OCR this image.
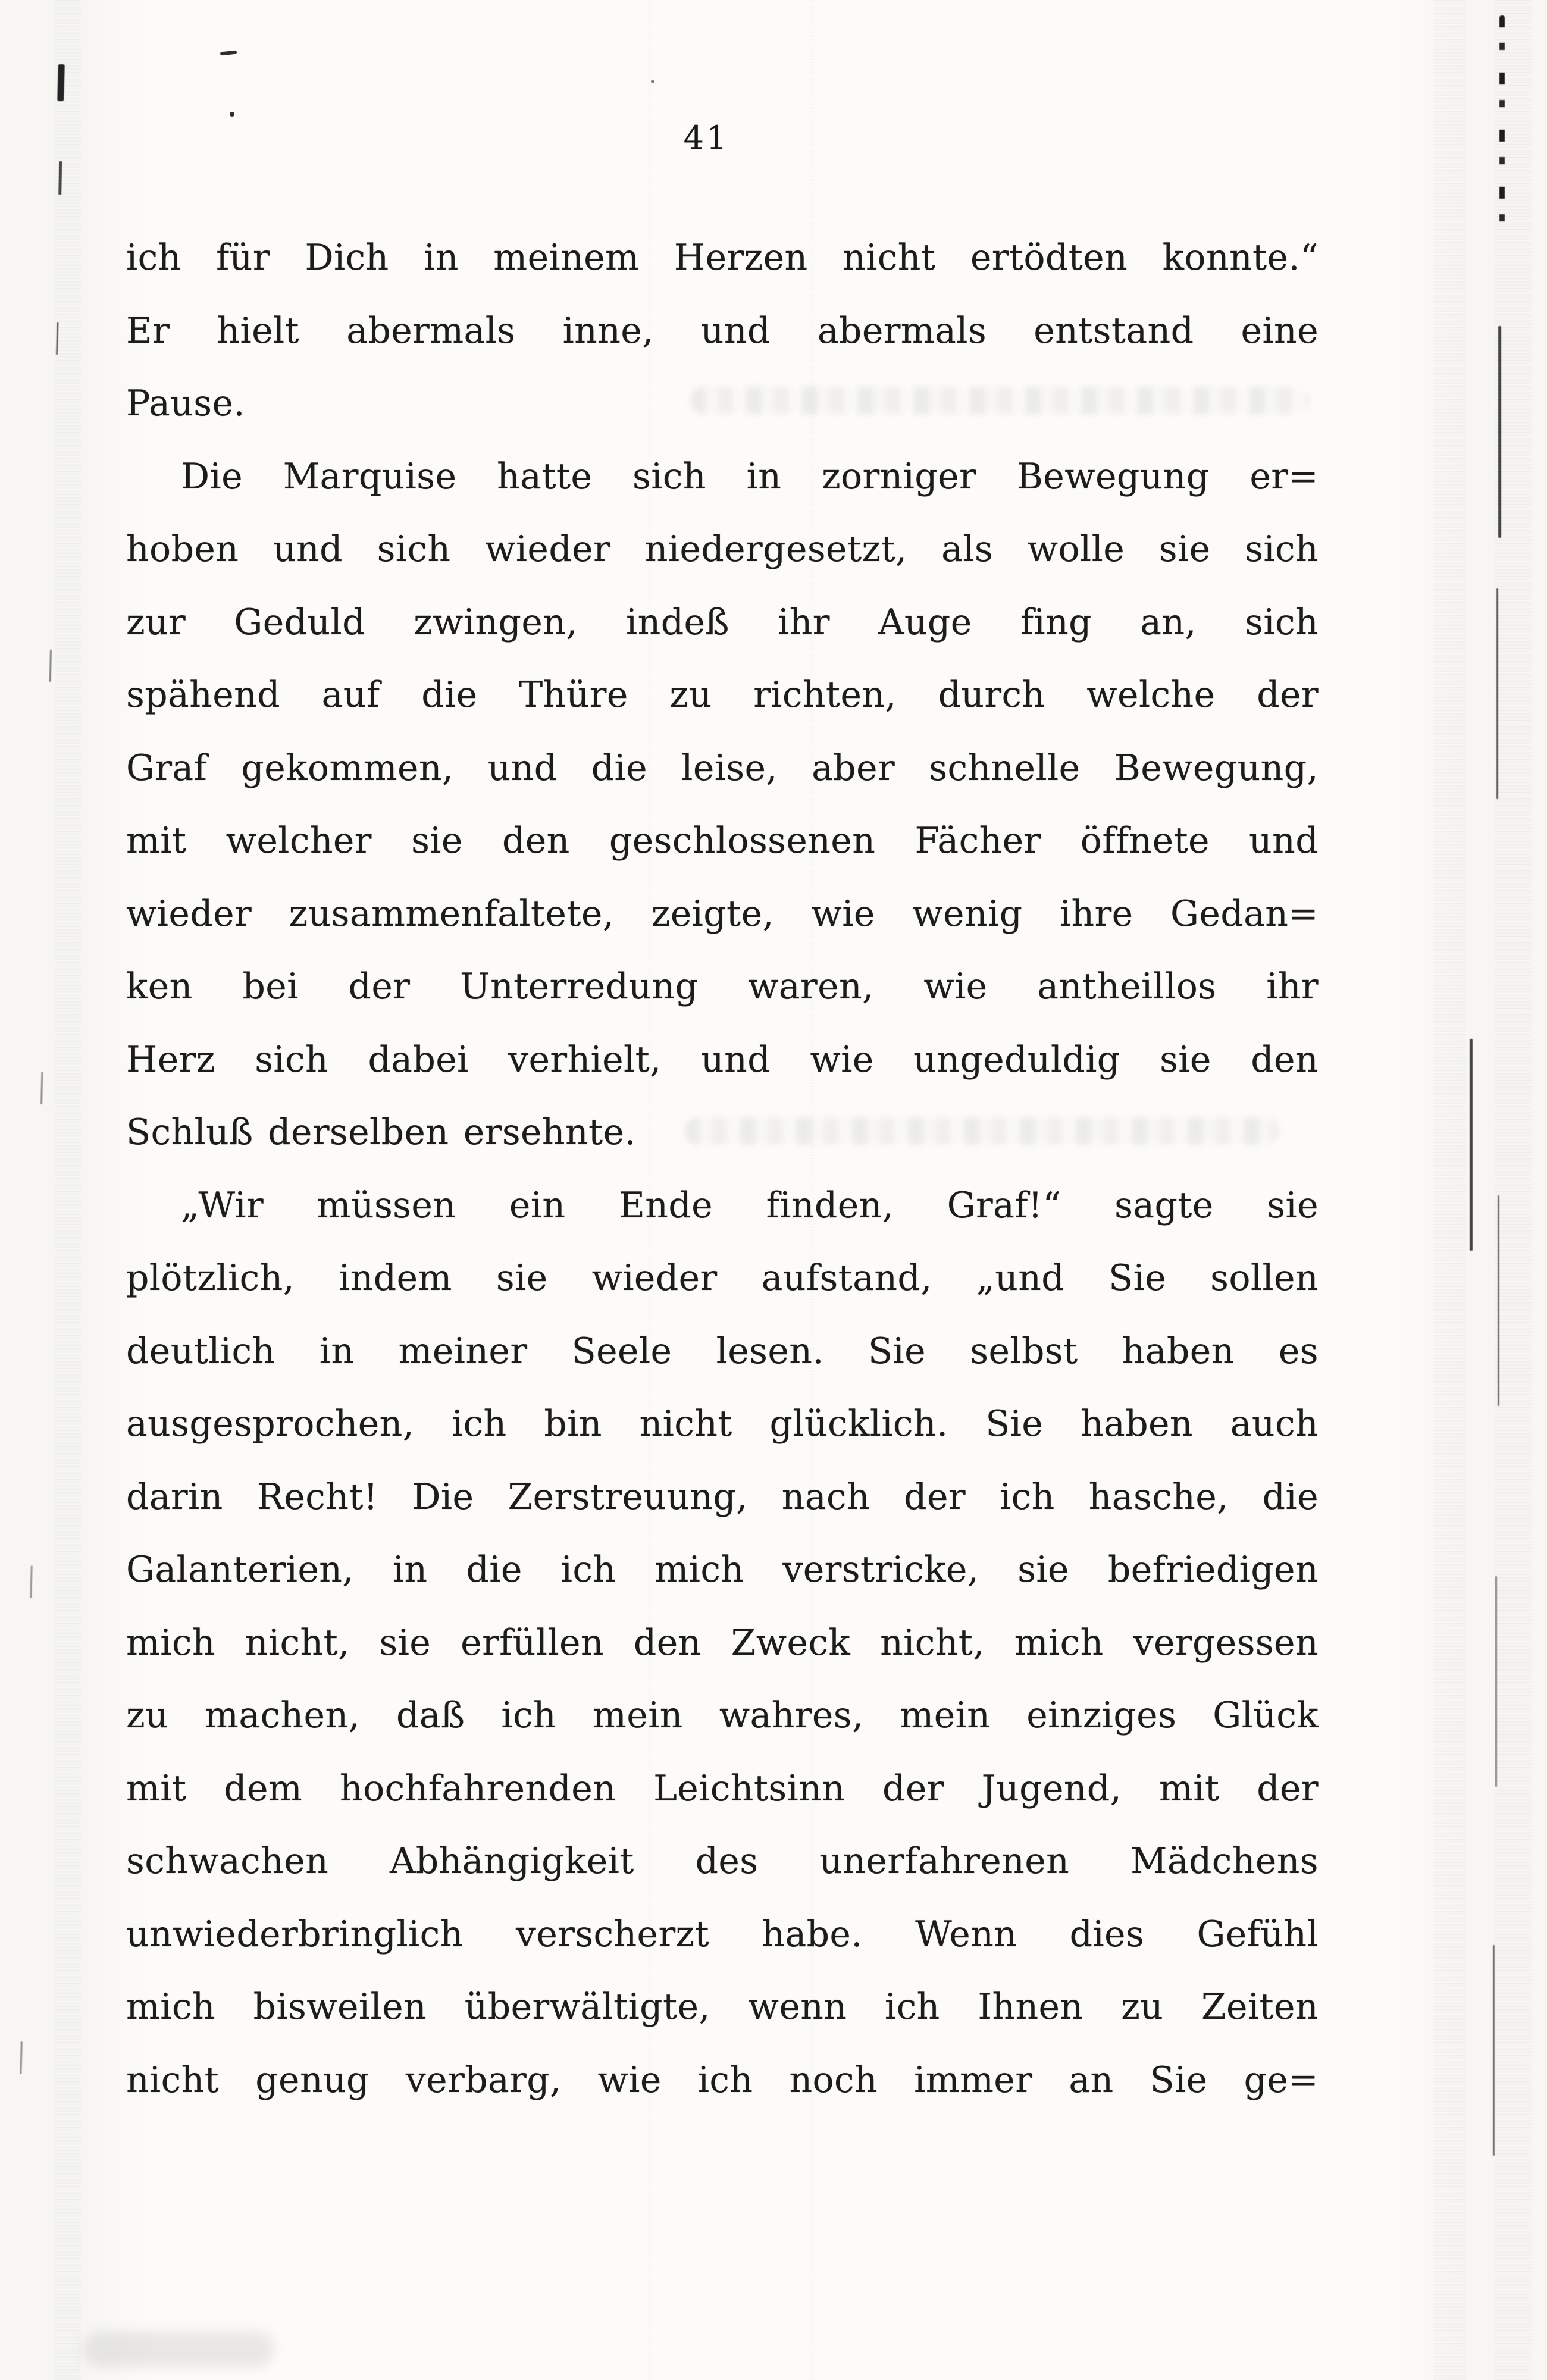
41
ich für Dich in meinem Herzen nicht ertödten konnte.“
Er hielt abermals inne, und abermals entstand eine
Pause.
Die Marquise hatte sich in zorniger Bewegung er=
hoben und sich wieder niedergesetzt, als wolle sie sich
zur Geduld zwingen, indeß ihr Auge fing an, sich
spähend auf die Thüre zu richten, durch welche der
Graf gekommen, und die leise, aber schnelle Bewegung,
mit welcher sie den geschlossenen Fächer öffnete und
wieder zusammenfaltete, zeigte, wie wenig ihre Gedan=
ken bei der Unterredung waren, wie antheillos ihr
Herz sich dabei verhielt, und wie ungeduldig sie den
Schluß derselben ersehnte.
„Wir müssen ein Ende finden, Graf!“ sagte sie
plötzlich, indem sie wieder aufstand, „und Sie sollen
deutlich in meiner Seele lesen. Sie selbst haben es
ausgesprochen, ich bin nicht glücklich. Sie haben auch
darin Recht! Die Zerstreuung, nach der ich hasche, die
Galanterien, in die ich mich verstricke, sie befriedigen
mich nicht, sie erfüllen den Zweck nicht, mich vergessen
zu machen, daß ich mein wahres, mein einziges Glück
mit dem hochfahrenden Leichtsinn der Jugend, mit der
schwachen Abhängigkeit des unerfahrenen Mädchens
unwiederbringlich verscherzt habe. Wenn dies Gefühl
mich bisweilen überwältigte, wenn ich Ihnen zu Zeiten
nicht genug verbarg, wie ich noch immer an Sie ge=
